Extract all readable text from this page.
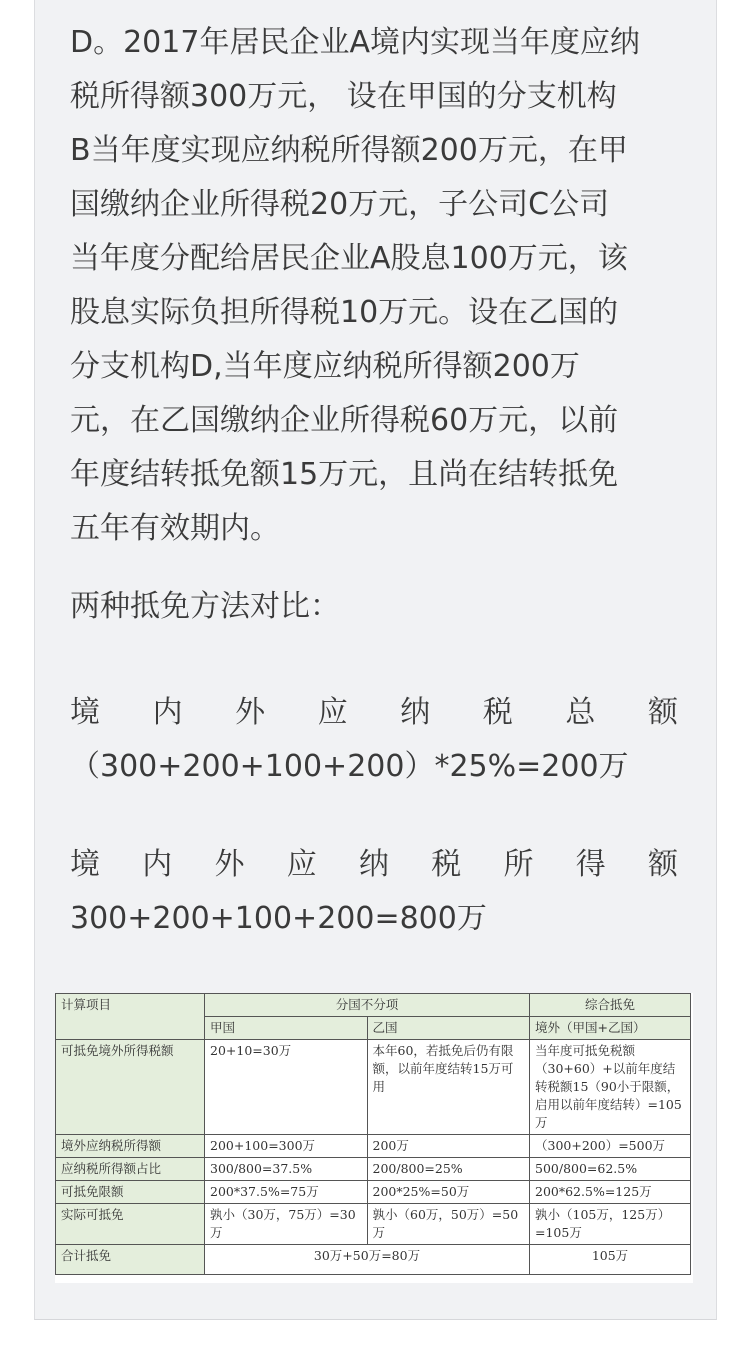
D。2017年居民企业A境内实现当年度应纳
税所得额300万元， 设在甲国的分支机构
B当年度实现应纳税所得额200万元，在甲
国缴纳企业所得税20万元，子公司C公司
当年度分配给居民企业A股息100万元，该
股息实际负担所得税10万元。设在乙国的
分支机构D,当年度应纳税所得额200万
元，在乙国缴纳企业所得税60万元，以前
年度结转抵免额15万元，且尚在结转抵免
五年有效期内。
两种抵免方法对比：
境 内 外 应 纳 税 总 额
（300+200+100+200）*25%=200万
境 内 外 应 纳 税 所 得 额
300+200+100+200=800万
计算项目	分国不分项		综合抵免
	甲国	乙国	境外（甲国+乙国）
可抵免境外所得税额	20+10=30万	本年60，若抵免后仍有限额，以前年度结转15万可用	当年度可抵免税额（30+60）+以前年度结转税额15（90小于限额，启用以前年度结转）=105万
境外应纳税所得额	200+100=300万	200万	（300+200）=500万
应纳税所得额占比	300/800=37.5%	200/800=25%	500/800=62.5%
可抵免限额	200*37.5%=75万	200*25%=50万	200*62.5%=125万
实际可抵免	孰小（30万，75万）=30万	孰小（60万，50万）=50万	孰小（105万，125万）=105万
合计抵免	30万+50万=80万		105万
